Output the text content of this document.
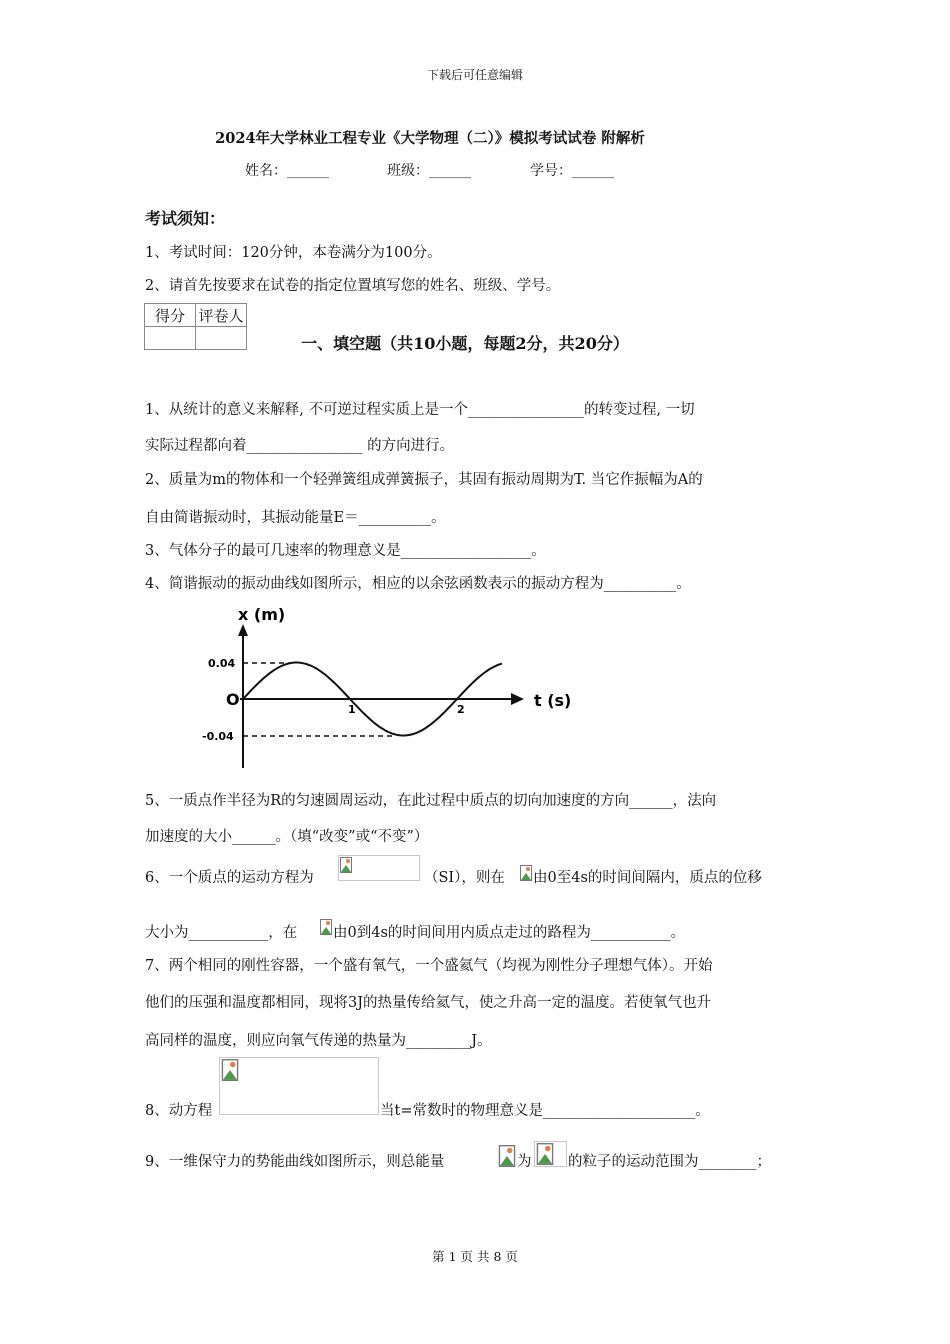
下载后可任意编辑
2024年大学林业工程专业《大学物理（二）》模拟考试试卷 附解析
姓名：______	班级：______	学号：______
考试须知：
1、考试时间：120分钟，本卷满分为100分。
2、请首先按要求在试卷的指定位置填写您的姓名、班级、学号。
得分	评卷人

一、填空题（共10小题，每题2分，共20分）
1、从统计的意义来解释, 不可逆过程实质上是一个________________的转变过程, 一切
实际过程都向着________________ 的方向进行。
2、质量为m的物体和一个轻弹簧组成弹簧振子，其固有振动周期为T. 当它作振幅为A的
自由简谐振动时，其振动能量E＝__________。
3、气体分子的最可几速率的物理意义是__________________。
4、简谐振动的振动曲线如图所示，相应的以余弦函数表示的振动方程为__________。
x (m)
t (s)
O
0.04
-0.04
1	2
5、一质点作半径为R的匀速圆周运动，在此过程中质点的切向加速度的方向______，法向
加速度的大小______。（填“改变”或“不变”）
6、一个质点的运动方程为	（SI），则在 由0至4s的时间间隔内，质点的位移
大小为___________，在 由0到4s的时间间用内质点走过的路程为___________。
7、两个相同的刚性容器，一个盛有氧气，一个盛氦气（均视为刚性分子理想气体）。开始
他们的压强和温度都相同，现将3J的热量传给氦气，使之升高一定的温度。若使氧气也升
高同样的温度，则应向氧气传递的热量为_________J。
8、动方程	当t=常数时的物理意义是_____________________。
9、一维保守力的势能曲线如图所示，则总能量	为	的粒子的运动范围为________；
第 1 页 共 8 页
